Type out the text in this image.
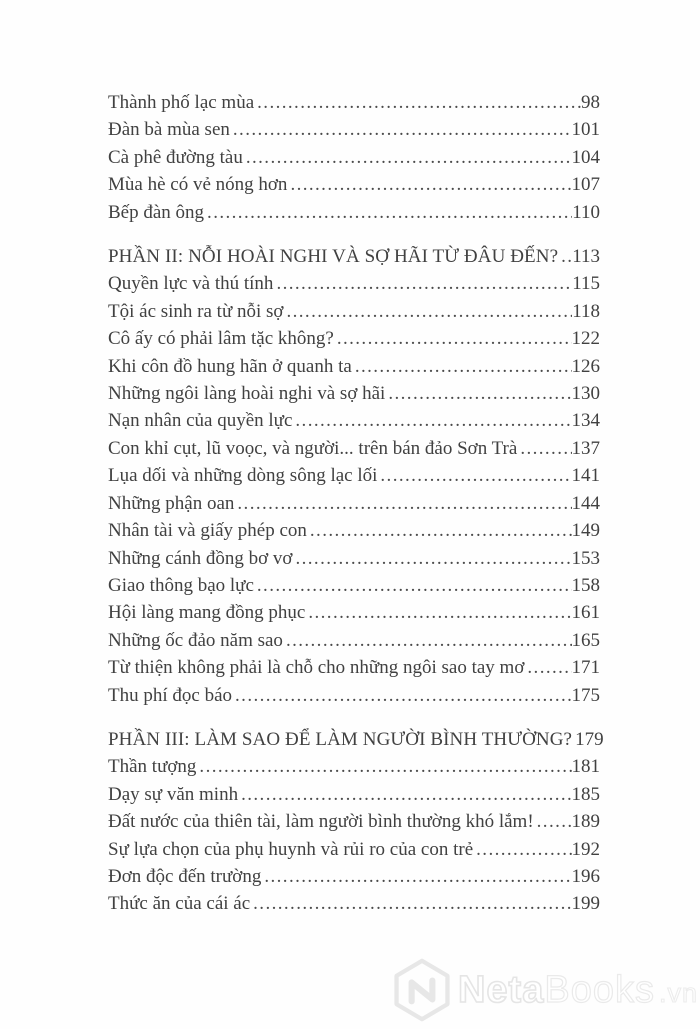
Thành phố lạc mùa .....	98
Đàn bà mùa sen .....	101
Cà phê đường tàu .....	104
Mùa hè có vẻ nóng hơn .....	107
Bếp đàn ông .....	110
PHẦN II: NỖI HOÀI NGHI VÀ SỢ HÃI TỪ ĐÂU ĐẾN? ..... 113
Quyền lực và thú tính .....	115
Tội ác sinh ra từ nỗi sợ .....	118
Cô ấy có phải lâm tặc không? .....	122
Khi côn đồ hung hãn ở quanh ta .....	126
Những ngôi làng hoài nghi và sợ hãi .....	130
Nạn nhân của quyền lực .....	134
Con khỉ cụt, lũ voọc, và người... trên bán đảo Sơn Trà .....	137
Lụa dối và những dòng sông lạc lối .....	141
Những phận oan .....	144
Nhân tài và giấy phép con .....	149
Những cánh đồng bơ vơ .....	153
Giao thông bạo lực .....	158
Hội làng mang đồng phục .....	161
Những ốc đảo năm sao .....	165
Từ thiện không phải là chỗ cho những ngôi sao tay mơ ..... 171
Thu phí đọc báo .....	175
PHẦN III: LÀM SAO ĐỂ LÀM NGƯỜI BÌNH THƯỜNG? ..... 179
Thần tượng .....	181
Dạy sự văn minh .....	185
Đất nước của thiên tài, làm người bình thường khó lắm! ..... 189
Sự lựa chọn của phụ huynh và rủi ro của con trẻ .....	192
Đơn độc đến trường .....	196
Thức ăn của cái ác .....	199
Neta Books .vn
